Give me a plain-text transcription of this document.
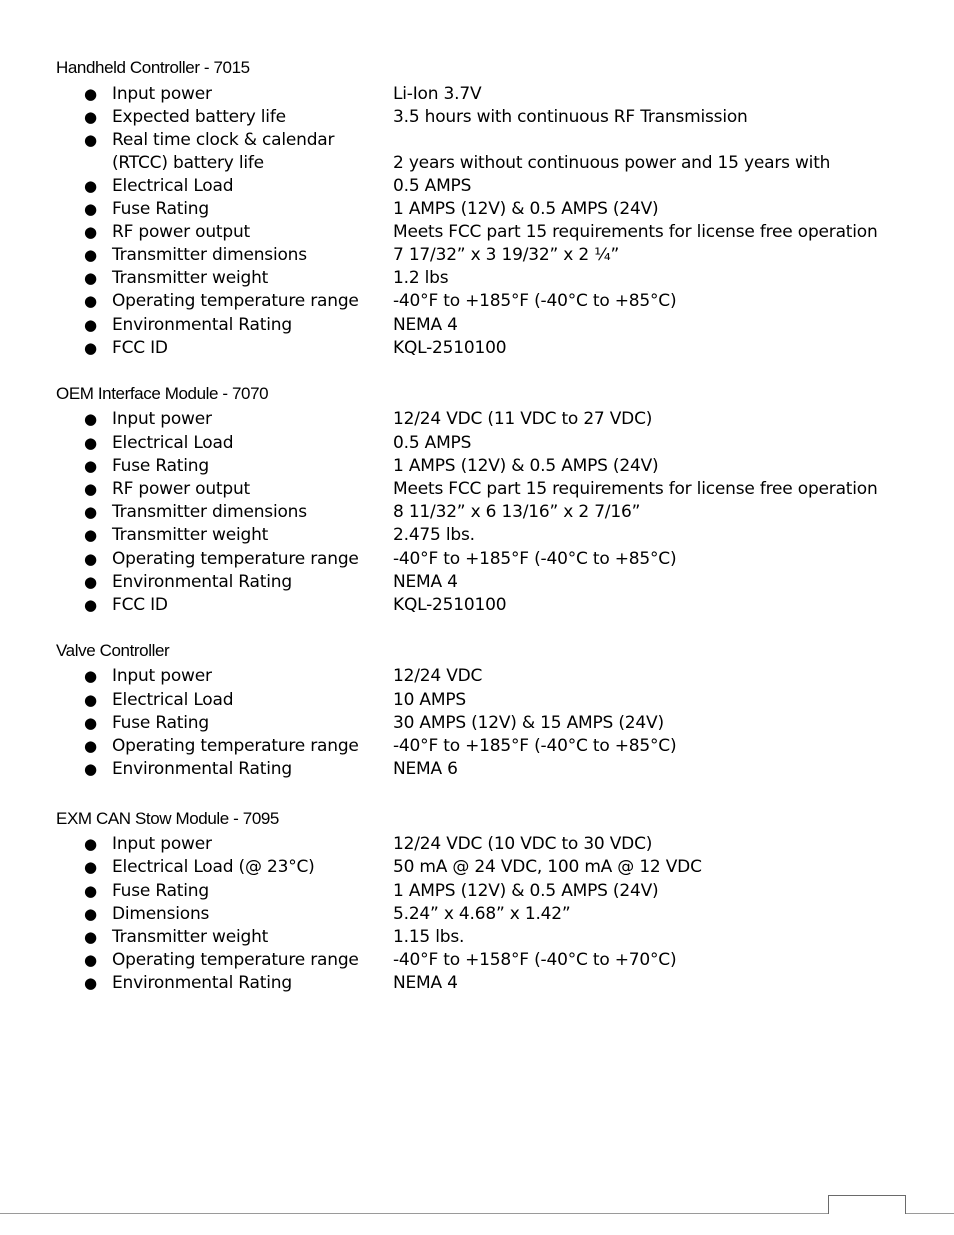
Handheld Controller - 7015
● Input power	Li-Ion 3.7V
● Expected battery life	3.5 hours with continuous RF Transmission
● Real time clock & calendar
(RTCC) battery life	2 years without continuous power and 15 years with
● Electrical Load	0.5 AMPS
● Fuse Rating	1 AMPS (12V) & 0.5 AMPS (24V)
● RF power output	Meets FCC part 15 requirements for license free operation
● Transmitter dimensions	7 17/32” x 3 19/32” x 2 ¼”
● Transmitter weight	1.2 lbs
● Operating temperature range -40°F to +185°F (-40°C to +85°C)
● Environmental Rating	NEMA 4
● FCC ID	KQL-2510100
OEM Interface Module - 7070
● Input power	12/24 VDC (11 VDC to 27 VDC)
● Electrical Load	0.5 AMPS
● Fuse Rating	1 AMPS (12V) & 0.5 AMPS (24V)
● RF power output	Meets FCC part 15 requirements for license free operation
● Transmitter dimensions	8 11/32” x 6 13/16” x 2 7/16”
● Transmitter weight	2.475 lbs.
● Operating temperature range -40°F to +185°F (-40°C to +85°C)
● Environmental Rating	NEMA 4
● FCC ID	KQL-2510100
Valve Controller
● Input power	12/24 VDC
● Electrical Load	10 AMPS
● Fuse Rating	30 AMPS (12V) & 15 AMPS (24V)
● Operating temperature range -40°F to +185°F (-40°C to +85°C)
● Environmental Rating	NEMA 6
EXM CAN Stow Module - 7095
● Input power	12/24 VDC (10 VDC to 30 VDC)
● Electrical Load (@ 23°C)	50 mA @ 24 VDC, 100 mA @ 12 VDC
● Fuse Rating	1 AMPS (12V) & 0.5 AMPS (24V)
● Dimensions	5.24” x 4.68” x 1.42”
● Transmitter weight	1.15 lbs.
● Operating temperature range -40°F to +158°F (-40°C to +70°C)
● Environmental Rating	NEMA 4
